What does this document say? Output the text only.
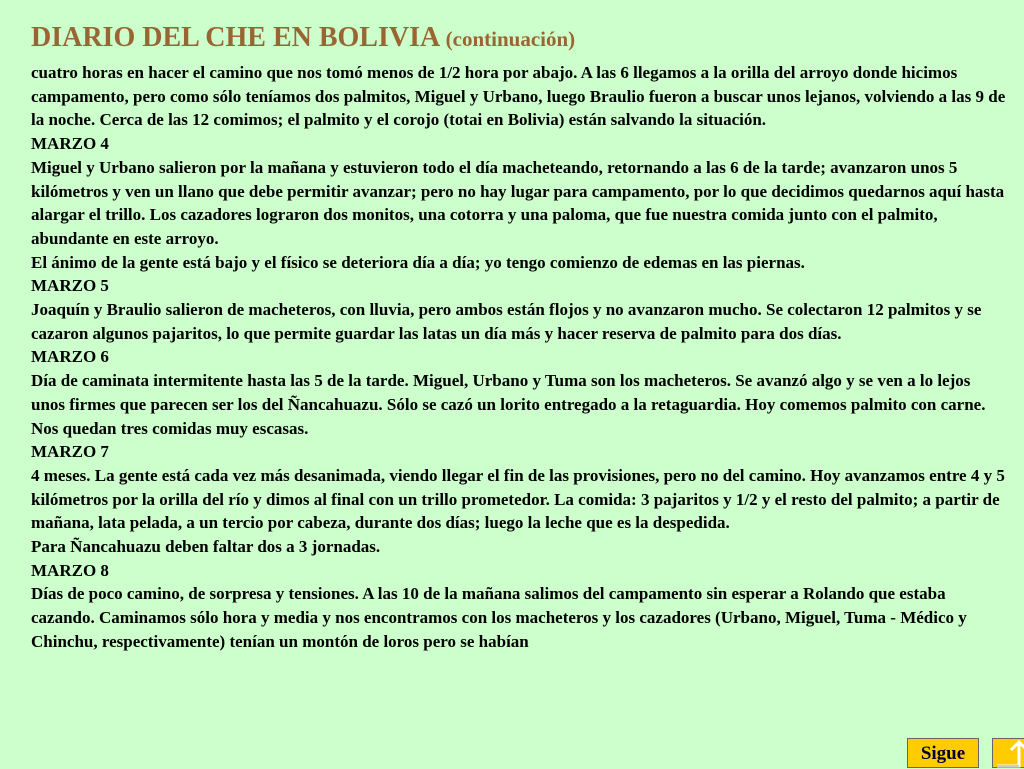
DIARIO DEL CHE EN BOLIVIA (continuación)

cuatro horas en hacer el camino que nos tomó menos de 1/2 hora por abajo. A las 6 llegamos a la orilla del arroyo donde hicimos campamento, pero como sólo teníamos dos palmitos, Miguel y Urbano, luego Braulio fueron a buscar unos lejanos, volviendo a las 9 de la noche. Cerca de las 12 comimos; el palmito y el corojo (totai en Bolivia) están salvando la situación.

MARZO 4

Miguel y Urbano salieron por la mañana y estuvieron todo el día macheteando, retornando a las 6 de la tarde; avanzaron unos 5 kilómetros y ven un llano que debe permitir avanzar; pero no hay lugar para campamento, por lo que decidimos quedarnos aquí hasta alargar el trillo. Los cazadores lograron dos monitos, una cotorra y una paloma, que fue nuestra comida junto con el palmito, abundante en este arroyo.

El ánimo de la gente está bajo y el físico se deteriora día a día; yo tengo comienzo de edemas en las piernas.

MARZO 5

Joaquín y Braulio salieron de macheteros, con lluvia, pero ambos están flojos y no avanzaron mucho. Se colectaron 12 palmitos y se cazaron algunos pajaritos, lo que permite guardar las latas un día más y hacer reserva de palmito para dos días.

MARZO 6

Día de caminata intermitente hasta las 5 de la tarde. Miguel, Urbano y Tuma son los macheteros. Se avanzó algo y se ven a lo lejos unos firmes que parecen ser los del Ñancahuazu. Sólo se cazó un lorito entregado a la retaguardia. Hoy comemos palmito con carne. Nos quedan tres comidas muy escasas.

MARZO 7

4 meses. La gente está cada vez más desanimada, viendo llegar el fin de las provisiones, pero no del camino. Hoy avanzamos entre 4 y 5 kilómetros por la orilla del río y dimos al final con un trillo prometedor. La comida: 3 pajaritos y 1/2 y el resto del palmito; a partir de mañana, lata pelada, a un tercio por cabeza, durante dos días; luego la leche que es la despedida.

Para Ñancahuazu deben faltar dos a 3 jornadas.

MARZO 8

Días de poco camino, de sorpresa y tensiones. A las 10 de la mañana salimos del campamento sin esperar a Rolando que estaba cazando. Caminamos sólo hora y media y nos encontramos con los macheteros y los cazadores (Urbano, Miguel, Tuma - Médico y Chinchu, respectivamente) tenían un montón de loros pero se habían

Sigue
